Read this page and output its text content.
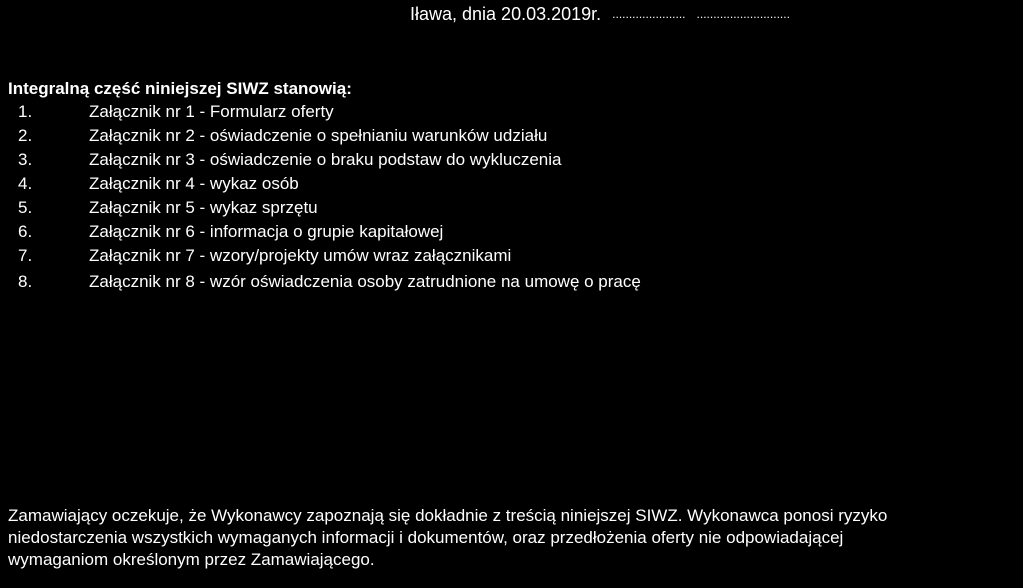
Iława, dnia 20.03.2019r. ...................... ............................
Integralną część niniejszej SIWZ stanowią:
1.	Załącznik nr 1 - Formularz oferty
2.	Załącznik nr 2 - oświadczenie o spełnianiu warunków udziału
3.	Załącznik nr 3 - oświadczenie o braku podstaw do wykluczenia
4.	Załącznik nr 4 - wykaz osób
5.	Załącznik nr 5 - wykaz sprzętu
6.	Załącznik nr 6 - informacja o grupie kapitałowej
7.	Załącznik nr 7 - wzory/projekty umów wraz załącznikami
8.	Załącznik nr 8 - wzór oświadczenia osoby zatrudnione na umowę o pracę
Zamawiający oczekuje, że Wykonawcy zapoznają się dokładnie z treścią niniejszej SIWZ. Wykonawca ponosi ryzyko
niedostarczenia wszystkich wymaganych informacji i dokumentów, oraz przedłożenia oferty nie odpowiadającej
wymaganiom określonym przez Zamawiającego.
